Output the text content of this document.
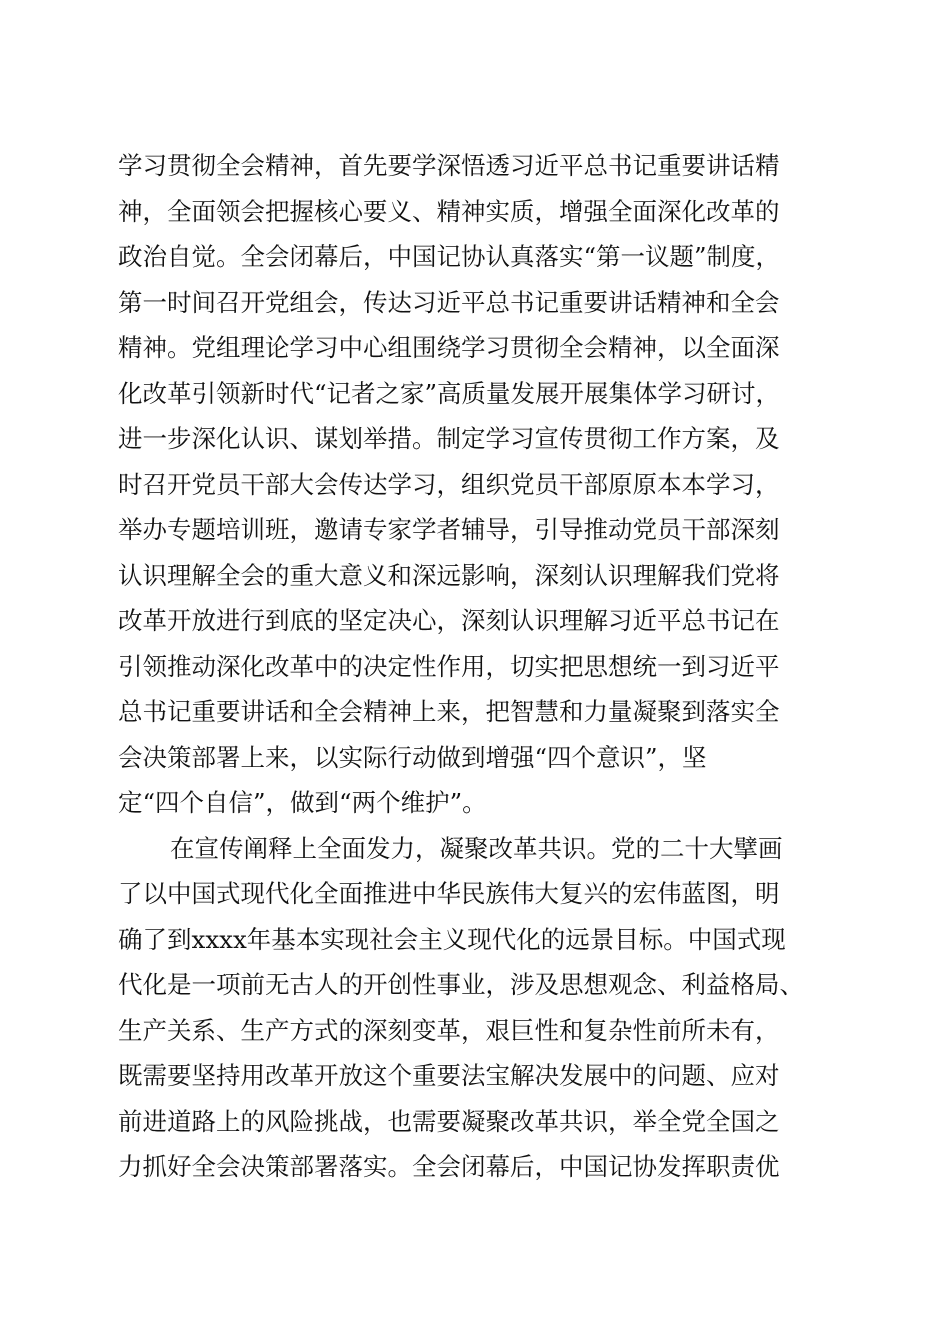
学习贯彻全会精神，首先要学深悟透习近平总书记重要讲话精
神，全面领会把握核心要义、精神实质，增强全面深化改革的
政治自觉。全会闭幕后，中国记协认真落实“第一议题”制度，
第一时间召开党组会，传达习近平总书记重要讲话精神和全会
精神。党组理论学习中心组围绕学习贯彻全会精神，以全面深
化改革引领新时代“记者之家”高质量发展开展集体学习研讨，
进一步深化认识、谋划举措。制定学习宣传贯彻工作方案，及
时召开党员干部大会传达学习，组织党员干部原原本本学习，
举办专题培训班，邀请专家学者辅导，引导推动党员干部深刻
认识理解全会的重大意义和深远影响，深刻认识理解我们党将
改革开放进行到底的坚定决心，深刻认识理解习近平总书记在
引领推动深化改革中的决定性作用，切实把思想统一到习近平
总书记重要讲话和全会精神上来，把智慧和力量凝聚到落实全
会决策部署上来，以实际行动做到增强“四个意识”，坚
定“四个自信”，做到“两个维护”。
在宣传阐释上全面发力，凝聚改革共识。党的二十大擘画
了以中国式现代化全面推进中华民族伟大复兴的宏伟蓝图，明
确了到xxxx年基本实现社会主义现代化的远景目标。中国式现
代化是一项前无古人的开创性事业，涉及思想观念、利益格局、
生产关系、生产方式的深刻变革，艰巨性和复杂性前所未有，
既需要坚持用改革开放这个重要法宝解决发展中的问题、应对
前进道路上的风险挑战，也需要凝聚改革共识，举全党全国之
力抓好全会决策部署落实。全会闭幕后，中国记协发挥职责优
